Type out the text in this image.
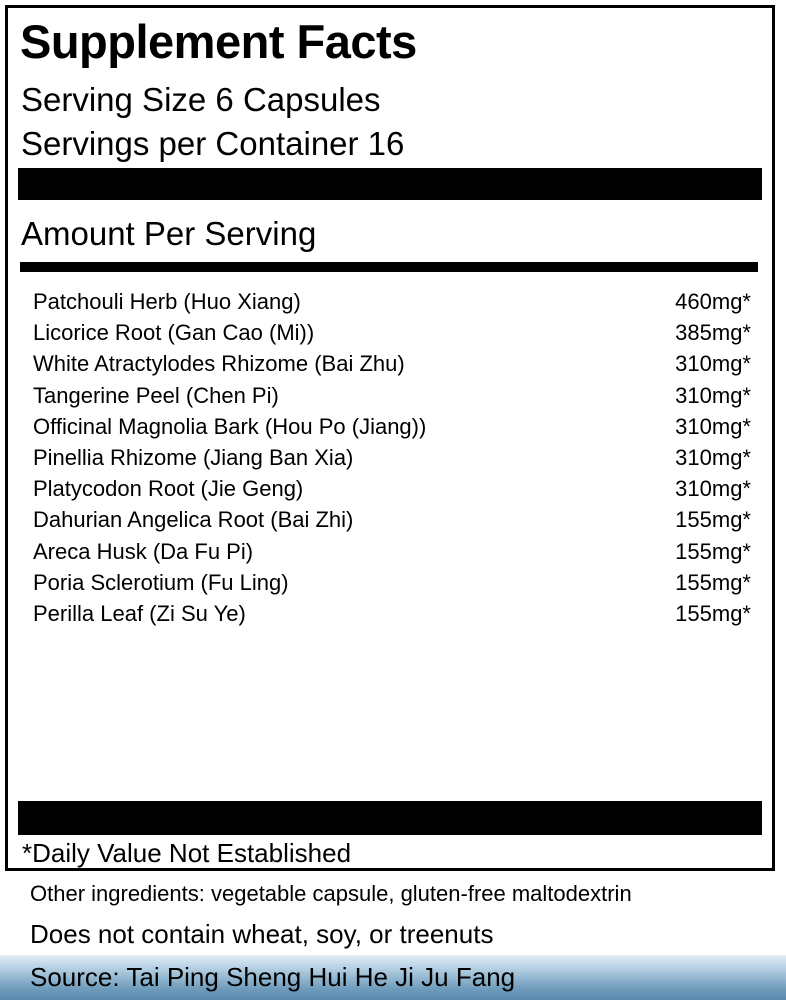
Supplement Facts
Serving Size 6 Capsules
Servings per Container 16
Amount Per Serving
Patchouli Herb (Huo Xiang)	460mg*
Licorice Root (Gan Cao (Mi))	385mg*
White Atractylodes Rhizome (Bai Zhu)	310mg*
Tangerine Peel (Chen Pi)	310mg*
Officinal Magnolia Bark (Hou Po (Jiang))	310mg*
Pinellia Rhizome (Jiang Ban Xia)	310mg*
Platycodon Root (Jie Geng)	310mg*
Dahurian Angelica Root (Bai Zhi)	155mg*
Areca Husk (Da Fu Pi)	155mg*
Poria Sclerotium (Fu Ling)	155mg*
Perilla Leaf (Zi Su Ye)	155mg*
*Daily Value Not Established
Other ingredients: vegetable capsule, gluten-free maltodextrin
Does not contain wheat, soy, or treenuts
Source: Tai Ping Sheng Hui He Ji Ju Fang
